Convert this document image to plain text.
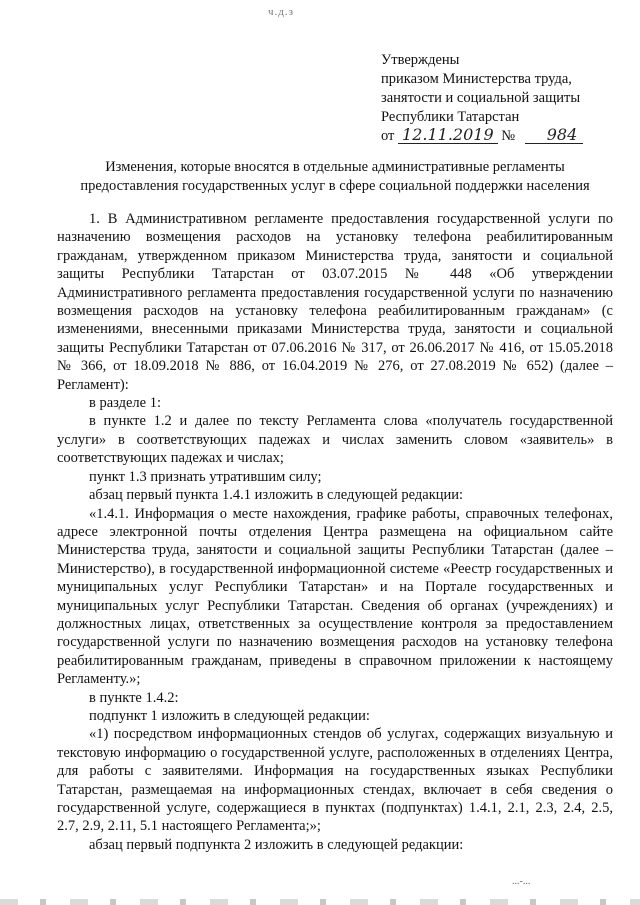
ч.д.з
Утверждены
приказом Министерства труда,
занятости и социальной защиты
Республики Татарстан
от 12.11.2019 № 984
Изменения, которые вносятся в отдельные административные регламенты предоставления государственных услуг в сфере социальной поддержки населения

1. В Административном регламенте предоставления государственной услуги по назначению возмещения расходов на установку телефона реабилитированным гражданам, утвержденном приказом Министерства труда, занятости и социальной защиты Республики Татарстан от 03.07.2015 № 448 «Об утверждении Административного регламента предоставления государственной услуги по назначению возмещения расходов на установку телефона реабилитированным гражданам» (с изменениями, внесенными приказами Министерства труда, занятости и социальной защиты Республики Татарстан от 07.06.2016 № 317, от 26.06.2017 № 416, от 15.05.2018 № 366, от 18.09.2018 № 886, от 16.04.2019 № 276, от 27.08.2019 № 652) (далее – Регламент):

в разделе 1:

в пункте 1.2 и далее по тексту Регламента слова «получатель государственной услуги» в соответствующих падежах и числах заменить словом «заявитель» в соответствующих падежах и числах;

пункт 1.3 признать утратившим силу;

абзац первый пункта 1.4.1 изложить в следующей редакции:

«1.4.1. Информация о месте нахождения, графике работы, справочных телефонах, адресе электронной почты отделения Центра размещена на официальном сайте Министерства труда, занятости и социальной защиты Республики Татарстан (далее – Министерство), в государственной информационной системе «Реестр государственных и муниципальных услуг Республики Татарстан» и на Портале государственных и муниципальных услуг Республики Татарстан. Сведения об органах (учреждениях) и должностных лицах, ответственных за осуществление контроля за предоставлением государственной услуги по назначению возмещения расходов на установку телефона реабилитированным гражданам, приведены в справочном приложении к настоящему Регламенту.»;

в пункте 1.4.2:

подпункт 1 изложить в следующей редакции:

«1) посредством информационных стендов об услугах, содержащих визуальную и текстовую информацию о государственной услуге, расположенных в отделениях Центра, для работы с заявителями. Информация на государственных языках Республики Татарстан, размещаемая на информационных стендах, включает в себя сведения о государственной услуге, содержащиеся в пунктах (подпунктах) 1.4.1, 2.1, 2.3, 2.4, 2.5, 2.7, 2.9, 2.11, 5.1 настоящего Регламента;»;

абзац первый подпункта 2 изложить в следующей редакции:

...-...
